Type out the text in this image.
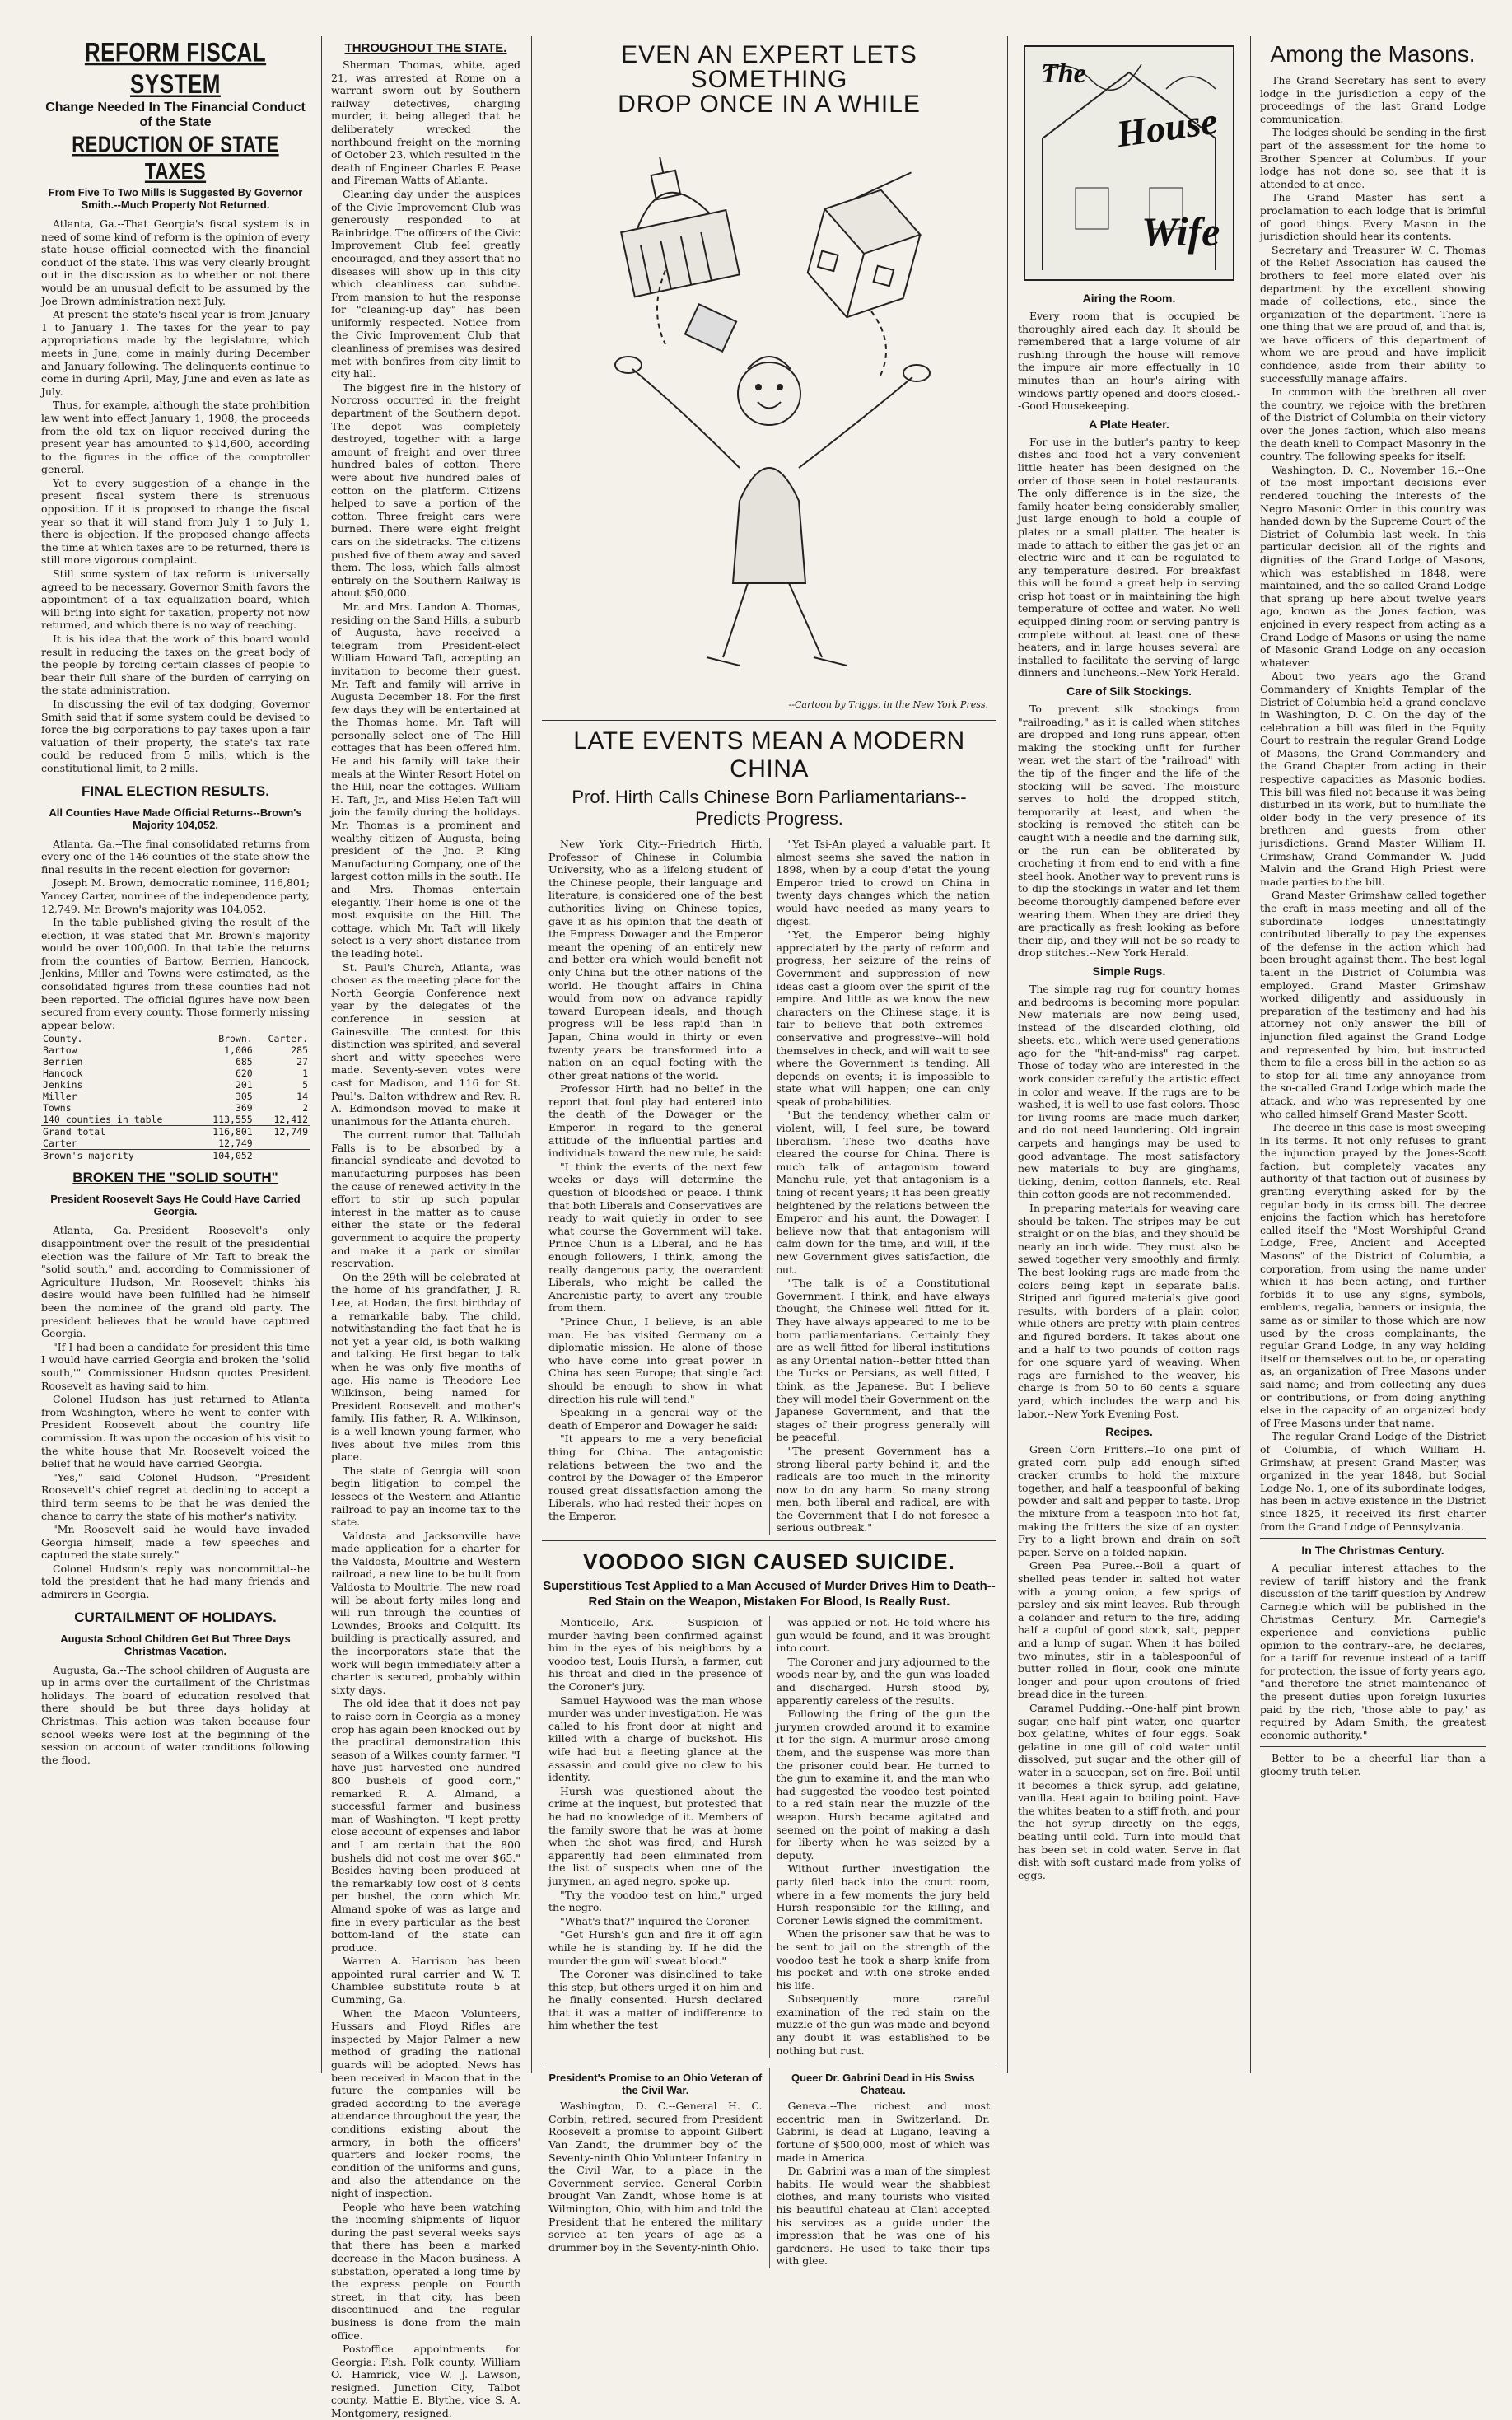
REFORM FISCAL SYSTEM
Change Needed In The Financial Conduct of the State
REDUCTION OF STATE TAXES
From Five To Two Mills Is Suggested By Governor Smith.--Much Property Not Returned.

Atlanta, Ga.--That Georgia's fiscal system is in need of some kind of reform is the opinion of every state house official connected with the financial conduct of the state. This was very clearly brought out in the discussion as to whether or not there would be an unusual deficit to be assumed by the Joe Brown administration next July.

At present the state's fiscal year is from January 1 to January 1. The taxes for the year to pay appropriations made by the legislature, which meets in June, come in mainly during December and January following. The delinquents continue to come in during April, May, June and even as late as July.

Thus, for example, although the state prohibition law went into effect January 1, 1908, the proceeds from the old tax on liquor received during the present year has amounted to $14,600, according to the figures in the office of the comptroller general.

Yet to every suggestion of a change in the present fiscal system there is strenuous opposition. If it is proposed to change the fiscal year so that it will stand from July 1 to July 1, there is objection. If the proposed change affects the time at which taxes are to be returned, there is still more vigorous complaint.

Still some system of tax reform is universally agreed to be necessary. Governor Smith favors the appointment of a tax equalization board, which will bring into sight for taxation, property not now returned, and which there is no way of reaching.

It is his idea that the work of this board would result in reducing the taxes on the great body of the people by forcing certain classes of people to bear their full share of the burden of carrying on the state administration.

In discussing the evil of tax dodging, Governor Smith said that if some system could be devised to force the big corporations to pay taxes upon a fair valuation of their property, the state's tax rate could be reduced from 5 mills, which is the constitutional limit, to 2 mills.

FINAL ELECTION RESULTS.
All Counties Have Made Official Returns--Brown's Majority 104,052.

Atlanta, Ga.--The final consolidated returns from every one of the 146 counties of the state show the final results in the recent election for governor:

Joseph M. Brown, democratic nominee, 116,801; Yancey Carter, nominee of the independence party, 12,749. Mr. Brown's majority was 104,052.

In the table published giving the result of the election, it was stated that Mr. Brown's majority would be over 100,000. In that table the returns from the counties of Bartow, Berrien, Hancock, Jenkins, Miller and Towns were estimated, as the consolidated figures from these counties had not been reported. The official figures have now been secured from every county. Those formerly missing appear below:

County.	Brown.	Carter.
Bartow	1,006	285
Berrien	685	27
Hancock	620	1
Jenkins	201	5
Miller	305	14
Towns	369	2
140 counties in table	113,555	12,412
Grand total	116,801	12,749
Carter	12,749	
Brown's majority	104,052	
BROKEN THE "SOLID SOUTH"
President Roosevelt Says He Could Have Carried Georgia.

Atlanta, Ga.--President Roosevelt's only disappointment over the result of the presidential election was the failure of Mr. Taft to break the "solid south," and, according to Commissioner of Agriculture Hudson, Mr. Roosevelt thinks his desire would have been fulfilled had he himself been the nominee of the grand old party. The president believes that he would have captured Georgia.

"If I had been a candidate for president this time I would have carried Georgia and broken the 'solid south,'" Commissioner Hudson quotes President Roosevelt as having said to him.

Colonel Hudson has just returned to Atlanta from Washington, where he went to confer with President Roosevelt about the country life commission. It was upon the occasion of his visit to the white house that Mr. Roosevelt voiced the belief that he would have carried Georgia.

"Yes," said Colonel Hudson, "President Roosevelt's chief regret at declining to accept a third term seems to be that he was denied the chance to carry the state of his mother's nativity.

"Mr. Roosevelt said he would have invaded Georgia himself, made a few speeches and captured the state surely."

Colonel Hudson's reply was noncommittal--he told the president that he had many friends and admirers in Georgia.

CURTAILMENT OF HOLIDAYS.
Augusta School Children Get But Three Days Christmas Vacation.

Augusta, Ga.--The school children of Augusta are up in arms over the curtailment of the Christmas holidays. The board of education resolved that there should be but three days holiday at Christmas. This action was taken because four school weeks were lost at the beginning of the session on account of water conditions following the flood.

THROUGHOUT THE STATE.

Sherman Thomas, white, aged 21, was arrested at Rome on a warrant sworn out by Southern railway detectives, charging murder, it being alleged that he deliberately wrecked the northbound freight on the morning of October 23, which resulted in the death of Engineer Charles F. Pease and Fireman Watts of Atlanta.

Cleaning day under the auspices of the Civic Improvement Club was generously responded to at Bainbridge. The officers of the Civic Improvement Club feel greatly encouraged, and they assert that no diseases will show up in this city which cleanliness can subdue. From mansion to hut the response for "cleaning-up day" has been uniformly respected. Notice from the Civic Improvement Club that cleanliness of premises was desired met with bonfires from city limit to city hall.

The biggest fire in the history of Norcross occurred in the freight department of the Southern depot. The depot was completely destroyed, together with a large amount of freight and over three hundred bales of cotton. There were about five hundred bales of cotton on the platform. Citizens helped to save a portion of the cotton. Three freight cars were burned. There were eight freight cars on the sidetracks. The citizens pushed five of them away and saved them. The loss, which falls almost entirely on the Southern Railway is about $50,000.

Mr. and Mrs. Landon A. Thomas, residing on the Sand Hills, a suburb of Augusta, have received a telegram from President-elect William Howard Taft, accepting an invitation to become their guest. Mr. Taft and family will arrive in Augusta December 18. For the first few days they will be entertained at the Thomas home. Mr. Taft will personally select one of The Hill cottages that has been offered him. He and his family will take their meals at the Winter Resort Hotel on the Hill, near the cottages. William H. Taft, Jr., and Miss Helen Taft will join the family during the holidays. Mr. Thomas is a prominent and wealthy citizen of Augusta, being president of the Jno. P. King Manufacturing Company, one of the largest cotton mills in the south. He and Mrs. Thomas entertain elegantly. Their home is one of the most exquisite on the Hill. The cottage, which Mr. Taft will likely select is a very short distance from the leading hotel.

St. Paul's Church, Atlanta, was chosen as the meeting place for the North Georgia Conference next year by the delegates of the conference in session at Gainesville. The contest for this distinction was spirited, and several short and witty speeches were made. Seventy-seven votes were cast for Madison, and 116 for St. Paul's. Dalton withdrew and Rev. R. A. Edmondson moved to make it unanimous for the Atlanta church.

The current rumor that Tallulah Falls is to be absorbed by a financial syndicate and devoted to manufacturing purposes has been the cause of renewed activity in the effort to stir up such popular interest in the matter as to cause either the state or the federal government to acquire the property and make it a park or similar reservation.

On the 29th will be celebrated at the home of his grandfather, J. R. Lee, at Hodan, the first birthday of a remarkable baby. The child, notwithstanding the fact that he is not yet a year old, is both walking and talking. He first began to talk when he was only five months of age. His name is Theodore Lee Wilkinson, being named for President Roosevelt and mother's family. His father, R. A. Wilkinson, is a well known young farmer, who lives about five miles from this place.

The state of Georgia will soon begin litigation to compel the lessees of the Western and Atlantic railroad to pay an income tax to the state.

Valdosta and Jacksonville have made application for a charter for the Valdosta, Moultrie and Western railroad, a new line to be built from Valdosta to Moultrie. The new road will be about forty miles long and will run through the counties of Lowndes, Brooks and Colquitt. Its building is practically assured, and the incorporators state that the work will begin immediately after a charter is secured, probably within sixty days.

The old idea that it does not pay to raise corn in Georgia as a money crop has again been knocked out by the practical demonstration this season of a Wilkes county farmer. "I have just harvested one hundred 800 bushels of good corn," remarked R. A. Almand, a successful farmer and business man of Washington. "I kept pretty close account of expenses and labor and I am certain that the 800 bushels did not cost me over $65." Besides having been produced at the remarkably low cost of 8 cents per bushel, the corn which Mr. Almand spoke of was as large and fine in every particular as the best bottom-land of the state can produce.

Warren A. Harrison has been appointed rural carrier and W. T. Chamblee substitute route 5 at Cumming, Ga.

When the Macon Volunteers, Hussars and Floyd Rifles are inspected by Major Palmer a new method of grading the national guards will be adopted. News has been received in Macon that in the future the companies will be graded according to the average attendance throughout the year, the conditions existing about the armory, in both the officers' quarters and locker rooms, the condition of the uniforms and guns, and also the attendance on the night of inspection.

People who have been watching the incoming shipments of liquor during the past several weeks says that there has been a marked decrease in the Macon business. A substation, operated a long time by the express people on Fourth street, in that city, has been discontinued and the regular business is done from the main office.

Postoffice appointments for Georgia: Fish, Polk county, William O. Hamrick, vice W. J. Lawson, resigned. Junction City, Talbot county, Mattie E. Blythe, vice S. A. Montgomery, resigned.

EVEN AN EXPERT LETS SOMETHING
DROP ONCE IN A WHILE
--Cartoon by Triggs, in the New York Press.
LATE EVENTS MEAN A MODERN CHINA
Prof. Hirth Calls Chinese Born Parliamentarians--Predicts Progress.

New York City.--Friedrich Hirth, Professor of Chinese in Columbia University, who as a lifelong student of the Chinese people, their language and literature, is considered one of the best authorities living on Chinese topics, gave it as his opinion that the death of the Empress Dowager and the Emperor meant the opening of an entirely new and better era which would benefit not only China but the other nations of the world. He thought affairs in China would from now on advance rapidly toward European ideals, and though progress will be less rapid than in Japan, China would in thirty or even twenty years be transformed into a nation on an equal footing with the other great nations of the world.

Professor Hirth had no belief in the report that foul play had entered into the death of the Dowager or the Emperor. In regard to the general attitude of the influential parties and individuals toward the new rule, he said:

"I think the events of the next few weeks or days will determine the question of bloodshed or peace. I think that both Liberals and Conservatives are ready to wait quietly in order to see what course the Government will take. Prince Chun is a Liberal, and he has enough followers, I think, among the really dangerous party, the overardent Liberals, who might be called the Anarchistic party, to avert any trouble from them.

"Prince Chun, I believe, is an able man. He has visited Germany on a diplomatic mission. He alone of those who have come into great power in China has seen Europe; that single fact should be enough to show in what direction his rule will tend."

Speaking in a general way of the death of Emperor and Dowager he said:

"It appears to me a very beneficial thing for China. The antagonistic relations between the two and the control by the Dowager of the Emperor roused great dissatisfaction among the Liberals, who had rested their hopes on the Emperor.

"Yet Tsi-An played a valuable part. It almost seems she saved the nation in 1898, when by a coup d'etat the young Emperor tried to crowd on China in twenty days changes which the nation would have needed as many years to digest.

"Yet, the Emperor being highly appreciated by the party of reform and progress, her seizure of the reins of Government and suppression of new ideas cast a gloom over the spirit of the empire. And little as we know the new characters on the Chinese stage, it is fair to believe that both extremes--conservative and progressive--will hold themselves in check, and will wait to see where the Government is tending. All depends on events; it is impossible to state what will happen; one can only speak of probabilities.

"But the tendency, whether calm or violent, will, I feel sure, be toward liberalism. These two deaths have cleared the course for China. There is much talk of antagonism toward Manchu rule, yet that antagonism is a thing of recent years; it has been greatly heightened by the relations between the Emperor and his aunt, the Dowager. I believe now that that antagonism will calm down for the time, and will, if the new Government gives satisfaction, die out.

"The talk is of a Constitutional Government. I think, and have always thought, the Chinese well fitted for it. They have always appeared to me to be born parliamentarians. Certainly they are as well fitted for liberal institutions as any Oriental nation--better fitted than the Turks or Persians, as well fitted, I think, as the Japanese. But I believe they will model their Government on the Japanese Government, and that the stages of their progress generally will be peaceful.

"The present Government has a strong liberal party behind it, and the radicals are too much in the minority now to do any harm. So many strong men, both liberal and radical, are with the Government that I do not foresee a serious outbreak."

VOODOO SIGN CAUSED SUICIDE.
Superstitious Test Applied to a Man Accused of Murder Drives Him to Death--Red Stain on the Weapon, Mistaken For Blood, Is Really Rust.

Monticello, Ark. -- Suspicion of murder having been confirmed against him in the eyes of his neighbors by a voodoo test, Louis Hursh, a farmer, cut his throat and died in the presence of the Coroner's jury.

Samuel Haywood was the man whose murder was under investigation. He was called to his front door at night and killed with a charge of buckshot. His wife had but a fleeting glance at the assassin and could give no clew to his identity.

Hursh was questioned about the crime at the inquest, but protested that he had no knowledge of it. Members of the family swore that he was at home when the shot was fired, and Hursh apparently had been eliminated from the list of suspects when one of the jurymen, an aged negro, spoke up.

"Try the voodoo test on him," urged the negro.

"What's that?" inquired the Coroner.

"Get Hursh's gun and fire it off agin while he is standing by. If he did the murder the gun will sweat blood."

The Coroner was disinclined to take this step, but others urged it on him and he finally consented. Hursh declared that it was a matter of indifference to him whether the test

was applied or not. He told where his gun would be found, and it was brought into court.

The Coroner and jury adjourned to the woods near by, and the gun was loaded and discharged. Hursh stood by, apparently careless of the results.

Following the firing of the gun the jurymen crowded around it to examine it for the sign. A murmur arose among them, and the suspense was more than the prisoner could bear. He turned to the gun to examine it, and the man who had suggested the voodoo test pointed to a red stain near the muzzle of the weapon. Hursh became agitated and seemed on the point of making a dash for liberty when he was seized by a deputy.

Without further investigation the party filed back into the court room, where in a few moments the jury held Hursh responsible for the killing, and Coroner Lewis signed the commitment.

When the prisoner saw that he was to be sent to jail on the strength of the voodoo test he took a sharp knife from his pocket and with one stroke ended his life.

Subsequently more careful examination of the red stain on the muzzle of the gun was made and beyond any doubt it was established to be nothing but rust.

President's Promise to an Ohio Veteran of the Civil War.

Washington, D. C.--General H. C. Corbin, retired, secured from President Roosevelt a promise to appoint Gilbert Van Zandt, the drummer boy of the Seventy-ninth Ohio Volunteer Infantry in the Civil War, to a place in the Government service. General Corbin brought Van Zandt, whose home is at Wilmington, Ohio, with him and told the President that he entered the military service at ten years of age as a drummer boy in the Seventy-ninth Ohio.

Queer Dr. Gabrini Dead in His Swiss Chateau.

Geneva.--The richest and most eccentric man in Switzerland, Dr. Gabrini, is dead at Lugano, leaving a fortune of $500,000, most of which was made in America.

Dr. Gabrini was a man of the simplest habits. He would wear the shabbiest clothes, and many tourists who visited his beautiful chateau at Clani accepted his services as a guide under the impression that he was one of his gardeners. He used to take their tips with glee.

The
House
Wife
Airing the Room.

Every room that is occupied be thoroughly aired each day. It should be remembered that a large volume of air rushing through the house will remove the impure air more effectually in 10 minutes than an hour's airing with windows partly opened and doors closed.--Good Housekeeping.

A Plate Heater.

For use in the butler's pantry to keep dishes and food hot a very convenient little heater has been designed on the order of those seen in hotel restaurants. The only difference is in the size, the family heater being considerably smaller, just large enough to hold a couple of plates or a small platter. The heater is made to attach to either the gas jet or an electric wire and it can be regulated to any temperature desired. For breakfast this will be found a great help in serving crisp hot toast or in maintaining the high temperature of coffee and water. No well equipped dining room or serving pantry is complete without at least one of these heaters, and in large houses several are installed to facilitate the serving of large dinners and luncheons.--New York Herald.

Care of Silk Stockings.

To prevent silk stockings from "railroading," as it is called when stitches are dropped and long runs appear, often making the stocking unfit for further wear, wet the start of the "railroad" with the tip of the finger and the life of the stocking will be saved. The moisture serves to hold the dropped stitch, temporarily at least, and when the stocking is removed the stitch can be caught with a needle and the darning silk, or the run can be obliterated by crocheting it from end to end with a fine steel hook. Another way to prevent runs is to dip the stockings in water and let them become thoroughly dampened before ever wearing them. When they are dried they are practically as fresh looking as before their dip, and they will not be so ready to drop stitches.--New York Herald.

Simple Rugs.

The simple rag rug for country homes and bedrooms is becoming more popular. New materials are now being used, instead of the discarded clothing, old sheets, etc., which were used generations ago for the "hit-and-miss" rag carpet. Those of today who are interested in the work consider carefully the artistic effect in color and weave. If the rugs are to be washed, it is well to use fast colors. Those for living rooms are made much darker, and do not need laundering. Old ingrain carpets and hangings may be used to good advantage. The most satisfactory new materials to buy are ginghams, ticking, denim, cotton flannels, etc. Real thin cotton goods are not recommended.

In preparing materials for weaving care should be taken. The stripes may be cut straight or on the bias, and they should be nearly an inch wide. They must also be sewed together very smoothly and firmly. The best looking rugs are made from the colors being kept in separate balls. Striped and figured materials give good results, with borders of a plain color, while others are pretty with plain centres and figured borders. It takes about one and a half to two pounds of cotton rags for one square yard of weaving. When rags are furnished to the weaver, his charge is from 50 to 60 cents a square yard, which includes the warp and his labor.--New York Evening Post.

Recipes.

Green Corn Fritters.--To one pint of grated corn pulp add enough sifted cracker crumbs to hold the mixture together, and half a teaspoonful of baking powder and salt and pepper to taste. Drop the mixture from a teaspoon into hot fat, making the fritters the size of an oyster. Fry to a light brown and drain on soft paper. Serve on a folded napkin.

Green Pea Puree.--Boil a quart of shelled peas tender in salted hot water with a young onion, a few sprigs of parsley and six mint leaves. Rub through a colander and return to the fire, adding half a cupful of good stock, salt, pepper and a lump of sugar. When it has boiled two minutes, stir in a tablespoonful of butter rolled in flour, cook one minute longer and pour upon croutons of fried bread dice in the tureen.

Caramel Pudding.--One-half pint brown sugar, one-half pint water, one quarter box gelatine, whites of four eggs. Soak gelatine in one gill of cold water until dissolved, put sugar and the other gill of water in a saucepan, set on fire. Boil until it becomes a thick syrup, add gelatine, vanilla. Heat again to boiling point. Have the whites beaten to a stiff froth, and pour the hot syrup directly on the eggs, beating until cold. Turn into mould that has been set in cold water. Serve in flat dish with soft custard made from yolks of eggs.

Among the Masons.

The Grand Secretary has sent to every lodge in the jurisdiction a copy of the proceedings of the last Grand Lodge communication.

The lodges should be sending in the first part of the assessment for the home to Brother Spencer at Columbus. If your lodge has not done so, see that it is attended to at once.

The Grand Master has sent a proclamation to each lodge that is brimful of good things. Every Mason in the jurisdiction should hear its contents.

Secretary and Treasurer W. C. Thomas of the Relief Association has caused the brothers to feel more elated over his department by the excellent showing made of collections, etc., since the organization of the department. There is one thing that we are proud of, and that is, we have officers of this department of whom we are proud and have implicit confidence, aside from their ability to successfully manage affairs.

In common with the brethren all over the country, we rejoice with the brethren of the District of Columbia on their victory over the Jones faction, which also means the death knell to Compact Masonry in the country. The following speaks for itself:

Washington, D. C., November 16.--One of the most important decisions ever rendered touching the interests of the Negro Masonic Order in this country was handed down by the Supreme Court of the District of Columbia last week. In this particular decision all of the rights and dignities of the Grand Lodge of Masons, which was established in 1848, were maintained, and the so-called Grand Lodge that sprang up here about twelve years ago, known as the Jones faction, was enjoined in every respect from acting as a Grand Lodge of Masons or using the name of Masonic Grand Lodge on any occasion whatever.

About two years ago the Grand Commandery of Knights Templar of the District of Columbia held a grand conclave in Washington, D. C. On the day of the celebration a bill was filed in the Equity Court to restrain the regular Grand Lodge of Masons, the Grand Commandery and the Grand Chapter from acting in their respective capacities as Masonic bodies. This bill was filed not because it was being disturbed in its work, but to humiliate the older body in the very presence of its brethren and guests from other jurisdictions. Grand Master William H. Grimshaw, Grand Commander W. Judd Malvin and the Grand High Priest were made parties to the bill.

Grand Master Grimshaw called together the craft in mass meeting and all of the subordinate lodges unhesitatingly contributed liberally to pay the expenses of the defense in the action which had been brought against them. The best legal talent in the District of Columbia was employed. Grand Master Grimshaw worked diligently and assiduously in preparation of the testimony and had his attorney not only answer the bill of injunction filed against the Grand Lodge and represented by him, but instructed them to file a cross bill in the action so as to stop for all time any annoyance from the so-called Grand Lodge which made the attack, and who was represented by one who called himself Grand Master Scott.

The decree in this case is most sweeping in its terms. It not only refuses to grant the injunction prayed by the Jones-Scott faction, but completely vacates any authority of that faction out of business by granting everything asked for by the regular body in its cross bill. The decree enjoins the faction which has heretofore called itself the "Most Worshipful Grand Lodge, Free, Ancient and Accepted Masons" of the District of Columbia, a corporation, from using the name under which it has been acting, and further forbids it to use any signs, symbols, emblems, regalia, banners or insignia, the same as or similar to those which are now used by the cross complainants, the regular Grand Lodge, in any way holding itself or themselves out to be, or operating as, an organization of Free Masons under said name; and from collecting any dues or contributions, or from doing anything else in the capacity of an organized body of Free Masons under that name.

The regular Grand Lodge of the District of Columbia, of which William H. Grimshaw, at present Grand Master, was organized in the year 1848, but Social Lodge No. 1, one of its subordinate lodges, has been in active existence in the District since 1825, it received its first charter from the Grand Lodge of Pennsylvania.

In The Christmas Century.

A peculiar interest attaches to the review of tariff history and the frank discussion of the tariff question by Andrew Carnegie which will be published in the Christmas Century. Mr. Carnegie's experience and convictions --public opinion to the contrary--are, he declares, for a tariff for revenue instead of a tariff for protection, the issue of forty years ago, "and therefore the strict maintenance of the present duties upon foreign luxuries paid by the rich, 'those able to pay,' as required by Adam Smith, the greatest economic authority."

Better to be a cheerful liar than a gloomy truth teller.
